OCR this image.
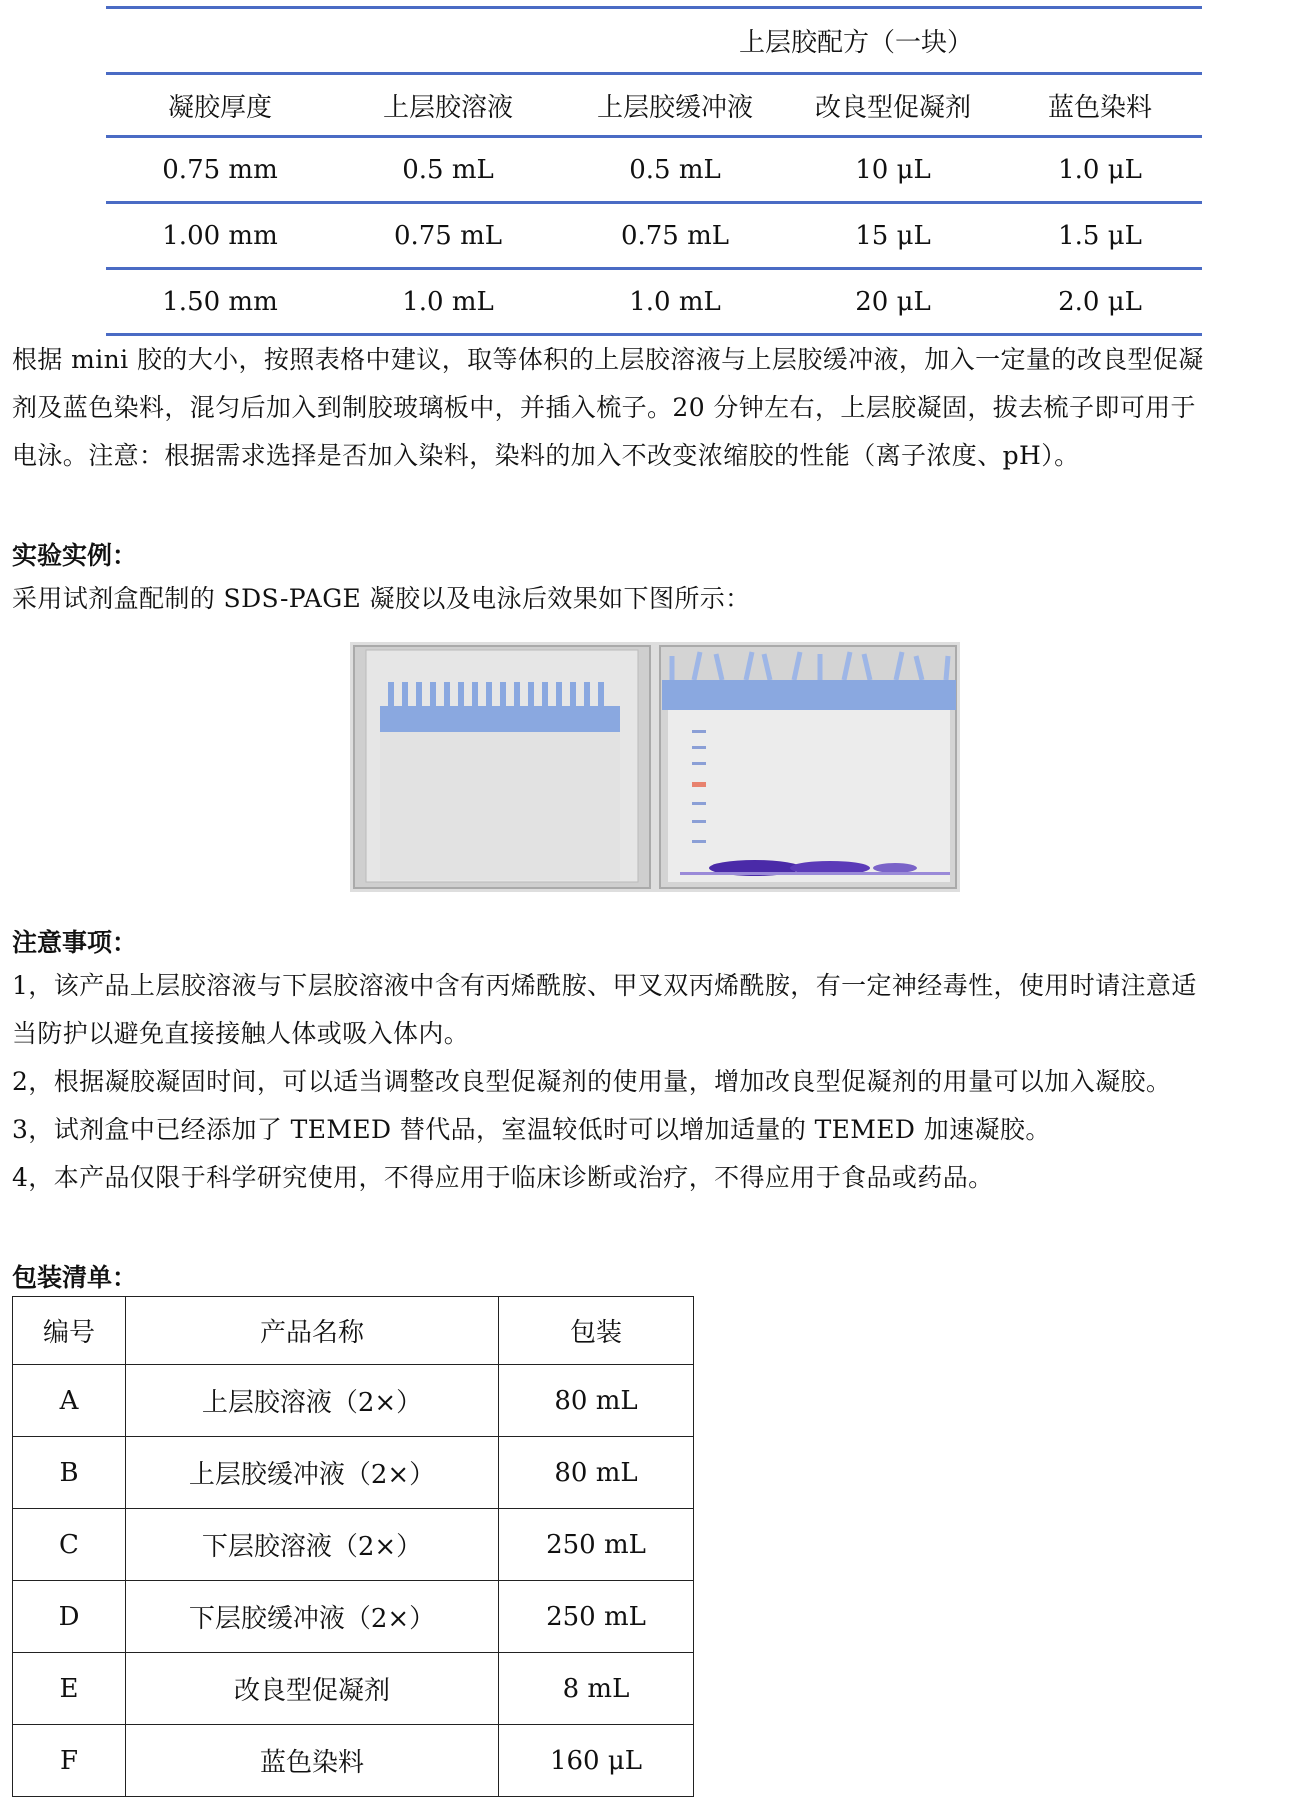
上层胶配方（一块）
凝胶厚度	上层胶溶液	上层胶缓冲液	改良型促凝剂	蓝色染料
0.75 mm	0.5 mL	0.5 mL	10 μL	1.0 μL
1.00 mm	0.75 mL	0.75 mL	15 μL	1.5 μL
1.50 mm	1.0 mL	1.0 mL	20 μL	2.0 μL
根据 mini 胶的大小，按照表格中建议，取等体积的上层胶溶液与上层胶缓冲液，加入一定量的改良型促凝
剂及蓝色染料，混匀后加入到制胶玻璃板中，并插入梳子。20 分钟左右，上层胶凝固，拔去梳子即可用于
电泳。注意：根据需求选择是否加入染料，染料的加入不改变浓缩胶的性能（离子浓度、pH）。
实验实例：
采用试剂盒配制的 SDS-PAGE 凝胶以及电泳后效果如下图所示：
注意事项：
1，该产品上层胶溶液与下层胶溶液中含有丙烯酰胺、甲叉双丙烯酰胺，有一定神经毒性，使用时请注意适
当防护以避免直接接触人体或吸入体内。
2，根据凝胶凝固时间，可以适当调整改良型促凝剂的使用量，增加改良型促凝剂的用量可以加入凝胶。
3，试剂盒中已经添加了 TEMED 替代品，室温较低时可以增加适量的 TEMED 加速凝胶。
4，本产品仅限于科学研究使用，不得应用于临床诊断或治疗，不得应用于食品或药品。
包装清单：
编号	产品名称	包装
A	上层胶溶液（2×）	80 mL
B	上层胶缓冲液（2×）	80 mL
C	下层胶溶液（2×）	250 mL
D	下层胶缓冲液（2×）	250 mL
E	改良型促凝剂	8 mL
F	蓝色染料	160 μL
